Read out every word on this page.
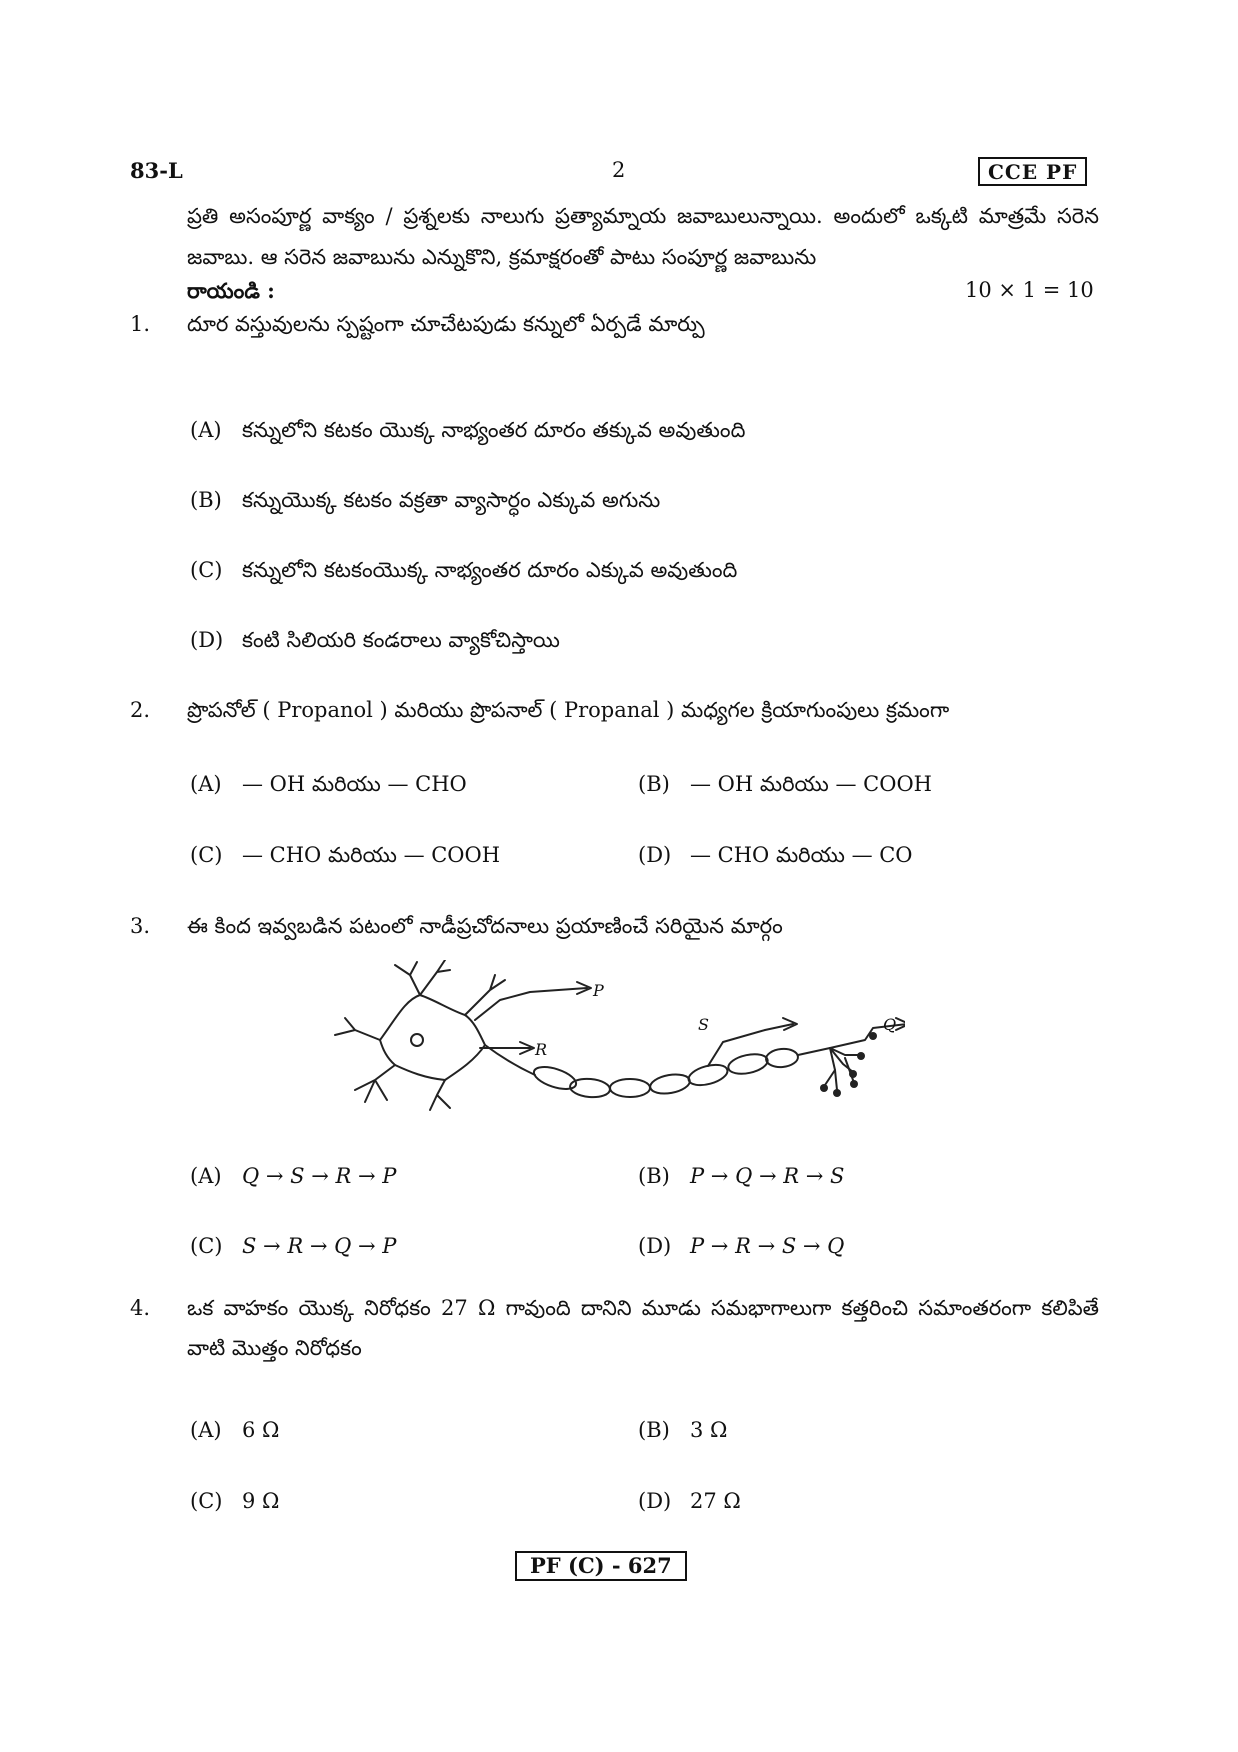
83-L	2	CCE PF
ప్రతి అసంపూర్ణ వాక్యం / ప్రశ్నలకు నాలుగు ప్రత్యామ్నాయ జవాబులున్నాయి. అందులో ఒక్కటి మాత్రమే సరెన జవాబు. ఆ సరెన జవాబును ఎన్నుకొని, క్రమాక్షరంతో పాటు సంపూర్ణ జవాబును
రాయండి :	10 × 1 = 10
1. దూర వస్తువులను స్పష్టంగా చూచేటపుడు కన్నులో ఏర్పడే మార్పు
(A) కన్నులోని కటకం యొక్క నాభ్యంతర దూరం తక్కువ అవుతుంది
(B) కన్నుయొక్క కటకం వక్రతా వ్యాసార్ధం ఎక్కువ అగును
(C) కన్నులోని కటకంయొక్క నాభ్యంతర దూరం ఎక్కువ అవుతుంది
(D) కంటి సిలియరి కండరాలు వ్యాకోచిస్తాయి
2. ప్రొపనోల్ ( Propanol ) మరియు ప్రొపనాల్ ( Propanal ) మధ్యగల క్రియాగుంపులు క్రమంగా
(A) — OH మరియు — CHO	(B) — OH మరియు — COOH
(C) — CHO మరియు — COOH	(D) — CHO మరియు — CO
3. ఈ కింద ఇవ్వబడిన పటంలో నాడీప్రచోదనాలు ప్రయాణించే సరియైన మార్గం
P
S
R
Q
(A) Q → S → R → P	(B) P → Q → R → S
(C) S → R → Q → P	(D) P → R → S → Q
4. ఒక వాహకం యొక్క నిరోధకం 27 Ω గావుంది దానిని మూడు సమభాగాలుగా కత్తరించి సమాంతరంగా కలిపితే వాటి మొత్తం నిరోధకం
(A) 6 Ω	(B) 3 Ω
(C) 9 Ω	(D) 27 Ω
PF (C) - 627
